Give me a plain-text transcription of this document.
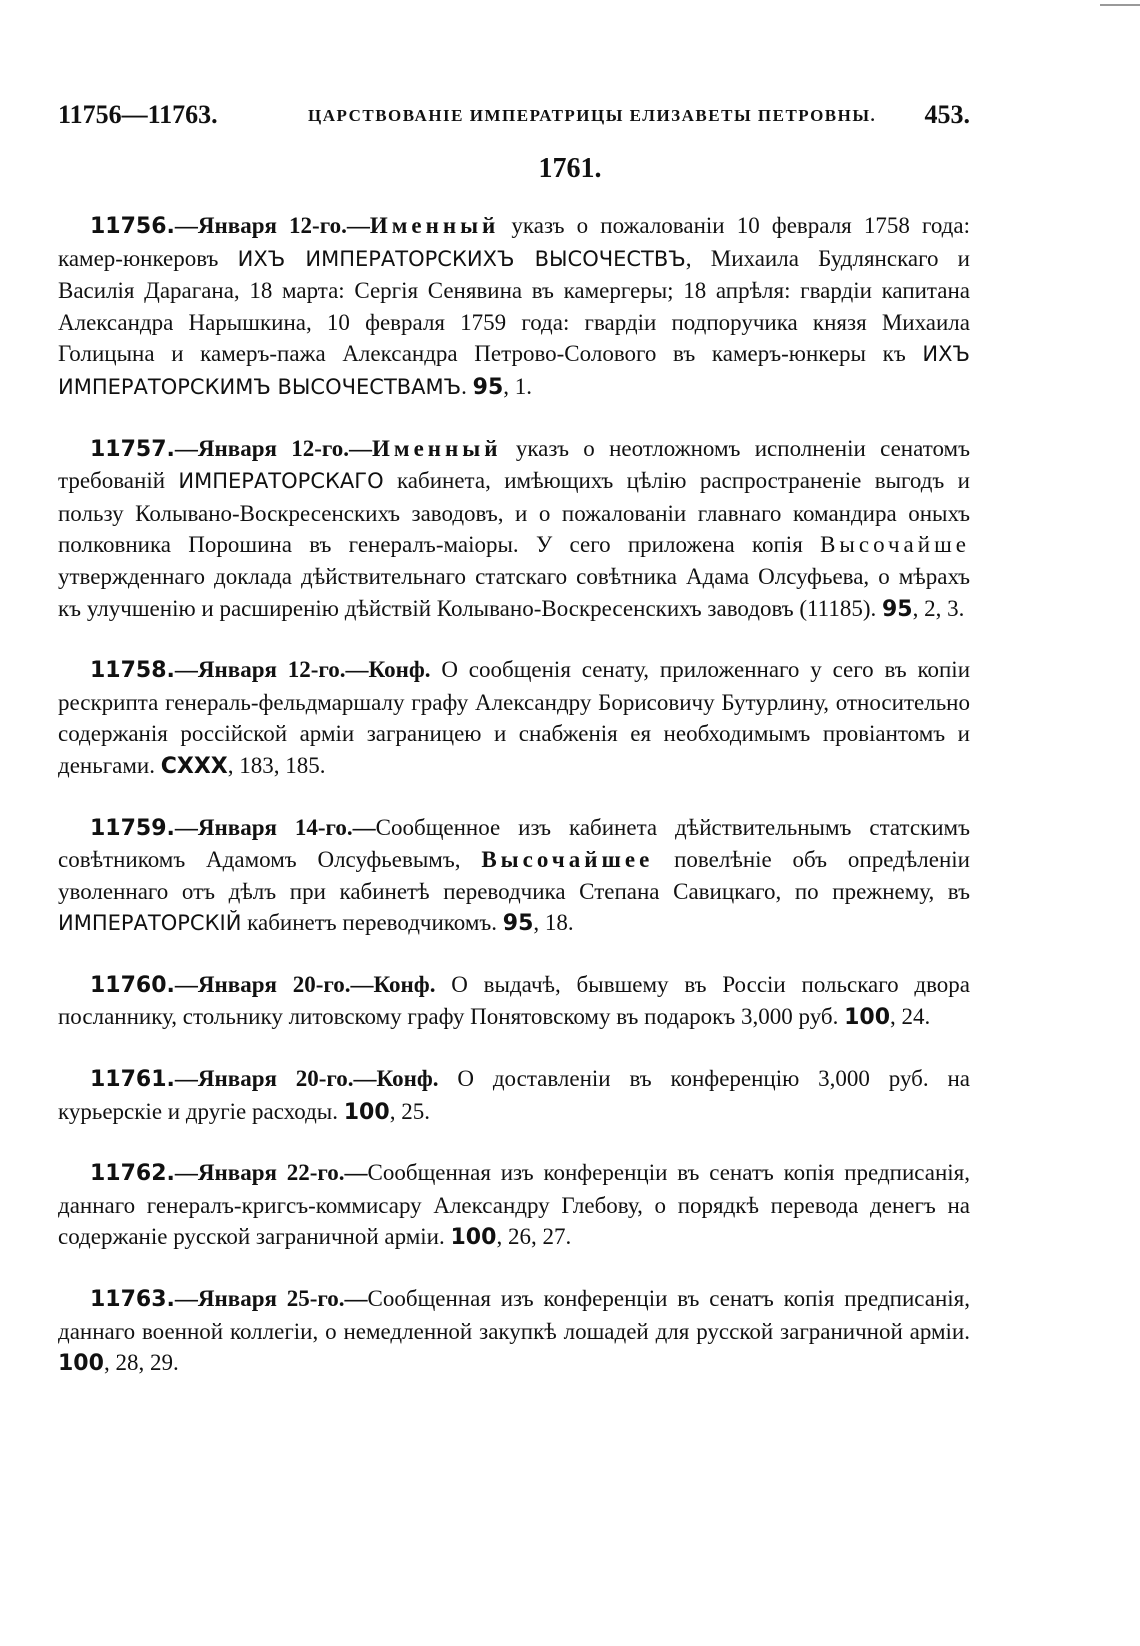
11756—11763.	ЦАРСТВОВАНІЕ ИМПЕРАТРИЦЫ ЕЛИЗАВЕТЫ ПЕТРОВНЫ. 453.
1761.

11756.—Января 12-го.—Именный указъ о пожалованіи 10 февраля 1758 года: камер-юнкеровъ ИХЪ ИМПЕРАТОРСКИХЪ ВЫСОЧЕСТВЪ, Михаила Будлянскаго и Василія Дарагана, 18 марта: Сергія Сенявина въ камергеры; 18 апрѣля: гвардіи капитана Александра Нарышкина, 10 февраля 1759 года: гвардіи подпоручика князя Михаила Голицына и камеръ-пажа Александра Петрово-Солового въ камеръ-юнкеры къ ИХЪ ИМПЕРАТОРСКИМЪ ВЫСОЧЕСТВАМЪ. 95, 1.

11757.—Января 12-го.—Именный указъ о неотложномъ исполненіи сенатомъ требованій ИМПЕРАТОРСКАГО кабинета, имѣющихъ цѣлію распространеніе выгодъ и пользу Колывано-Воскресенскихъ заводовъ, и о пожалованіи главнаго командира оныхъ полковника Порошина въ генералъ-маіоры. У сего приложена копія Высочайше утвержденнаго доклада дѣйствительнаго статскаго совѣтника Адама Олсуфьева, о мѣрахъ къ улучшенію и расширенію дѣйствій Колывано-Воскресенскихъ заводовъ (11185). 95, 2, 3.

11758.—Января 12-го.—Конф. О сообщенія сенату, приложеннаго у сего въ копіи рескрипта генераль-фельдмаршалу графу Александру Борисовичу Бутурлину, относительно содержанія россійской арміи заграницею и снабженія ея необходимымъ провіантомъ и деньгами. CXXX, 183, 185.

11759.—Января 14-го.—Сообщенное изъ кабинета дѣйствительнымъ статскимъ совѣтникомъ Адамомъ Олсуфьевымъ, Высочайшее повелѣніе объ опредѣленіи уволеннаго отъ дѣлъ при кабинетѣ переводчика Степана Савицкаго, по прежнему, въ ИМПЕРАТОРСКІЙ кабинетъ переводчикомъ. 95, 18.

11760.—Января 20-го.—Конф. О выдачѣ, бывшему въ Россіи польскаго двора посланнику, стольнику литовскому графу Понятовскому въ подарокъ 3,000 руб. 100, 24.

11761.—Января 20-го.—Конф. О доставленіи въ конференцію 3,000 руб. на курьерскіе и другіе расходы. 100, 25.

11762.—Января 22-го.—Сообщенная изъ конференціи въ сенатъ копія предписанія, даннаго генералъ-кригсъ-коммисару Александру Глебову, о порядкѣ перевода денегъ на содержаніе русской заграничной арміи. 100, 26, 27.

11763.—Января 25-го.—Сообщенная изъ конференціи въ сенатъ копія предписанія, даннаго военной коллегіи, о немедленной закупкѣ лошадей для русской заграничной арміи. 100, 28, 29.
